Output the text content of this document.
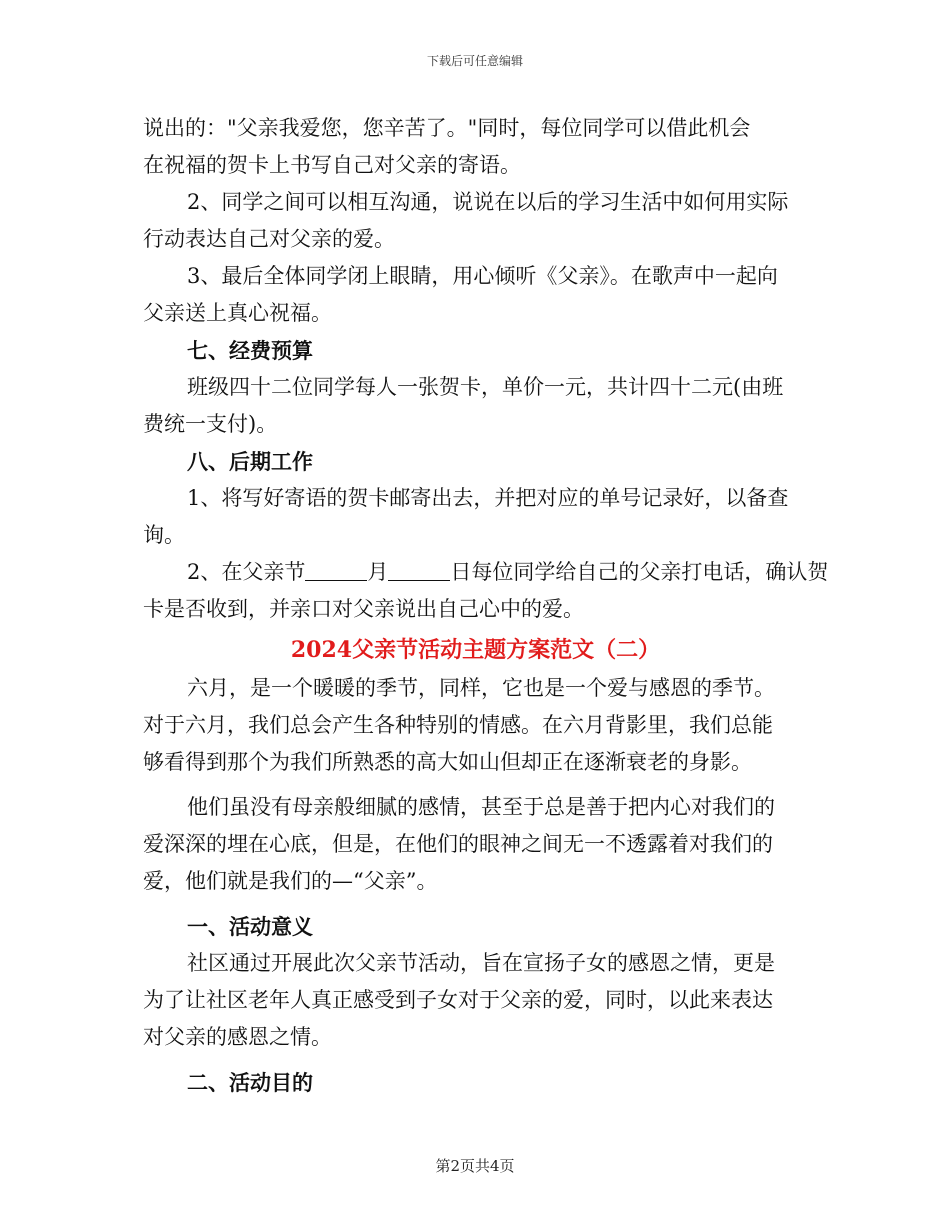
下载后可任意编辑
说出的："父亲我爱您，您辛苦了。"同时，每位同学可以借此机会
在祝福的贺卡上书写自己对父亲的寄语。
2、同学之间可以相互沟通，说说在以后的学习生活中如何用实际
行动表达自己对父亲的爱。
3、最后全体同学闭上眼睛，用心倾听《父亲》。在歌声中一起向
父亲送上真心祝福。
七、经费预算
班级四十二位同学每人一张贺卡，单价一元，共计四十二元(由班
费统一支付)。
八、后期工作
1、将写好寄语的贺卡邮寄出去，并把对应的单号记录好，以备查
询。
2、在父亲节	月	日每位同学给自己的父亲打电话，确认贺
卡是否收到，并亲口对父亲说出自己心中的爱。
2024父亲节活动主题方案范文（二）
六月，是一个暖暖的季节，同样，它也是一个爱与感恩的季节。
对于六月，我们总会产生各种特别的情感。在六月背影里，我们总能
够看得到那个为我们所熟悉的高大如山但却正在逐渐衰老的身影。
他们虽没有母亲般细腻的感情，甚至于总是善于把内心对我们的
爱深深的埋在心底，但是，在他们的眼神之间无一不透露着对我们的
爱，他们就是我们的—“父亲”。
一、活动意义
社区通过开展此次父亲节活动，旨在宣扬子女的感恩之情，更是
为了让社区老年人真正感受到子女对于父亲的爱，同时，以此来表达
对父亲的感恩之情。
二、活动目的
第2页共4页
